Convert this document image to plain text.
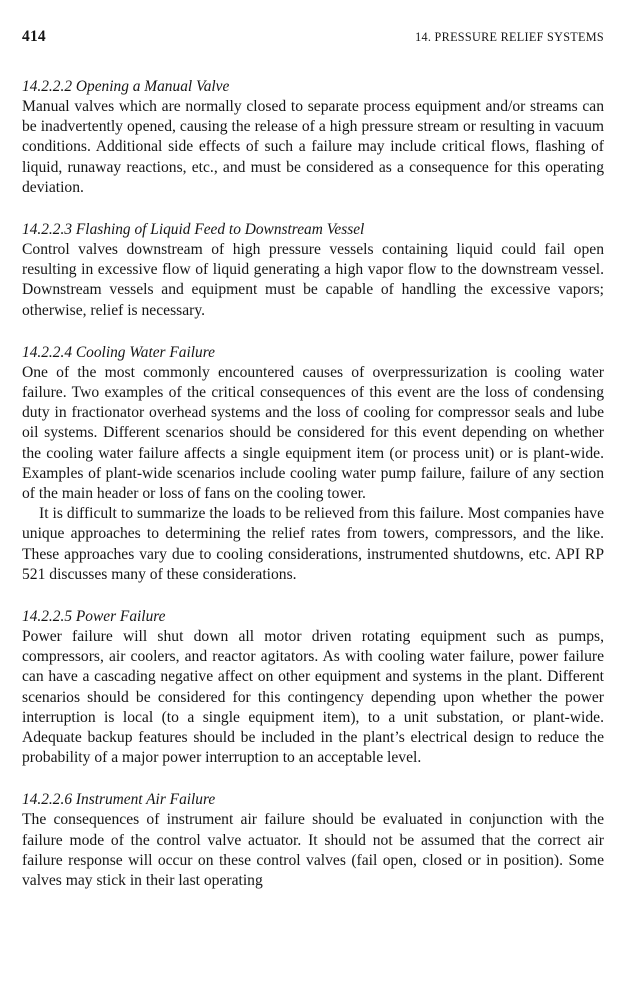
414	14. PRESSURE RELIEF SYSTEMS
14.2.2.2 Opening a Manual Valve

Manual valves which are normally closed to separate process equipment and/or streams can be inadvertently opened, causing the release of a high pressure stream or resulting in vacuum conditions. Additional side effects of such a failure may include critical flows, flashing of liquid, runaway reactions, etc., and must be considered as a consequence for this operating deviation.

14.2.2.3 Flashing of Liquid Feed to Downstream Vessel

Control valves downstream of high pressure vessels containing liquid could fail open resulting in excessive flow of liquid generating a high vapor flow to the downstream vessel. Downstream vessels and equipment must be capable of handling the excessive vapors; otherwise, relief is necessary.

14.2.2.4 Cooling Water Failure

One of the most commonly encountered causes of overpressurization is cooling water failure. Two examples of the critical consequences of this event are the loss of condensing duty in fractionator overhead systems and the loss of cooling for compressor seals and lube oil systems. Different scenarios should be considered for this event depending on whether the cooling water failure affects a single equipment item (or process unit) or is plant-wide. Examples of plant-wide scenarios include cooling water pump failure, failure of any section of the main header or loss of fans on the cooling tower.

It is difficult to summarize the loads to be relieved from this failure. Most companies have unique approaches to determining the relief rates from towers, compressors, and the like. These approaches vary due to cooling considerations, instrumented shutdowns, etc. API RP 521 discusses many of these considerations.

14.2.2.5 Power Failure

Power failure will shut down all motor driven rotating equipment such as pumps, compressors, air coolers, and reactor agitators. As with cooling water failure, power failure can have a cascading negative affect on other equipment and systems in the plant. Different scenarios should be considered for this contingency depending upon whether the power interruption is local (to a single equipment item), to a unit substation, or plant-wide. Adequate backup features should be included in the plant’s electrical design to reduce the probability of a major power interruption to an acceptable level.

14.2.2.6 Instrument Air Failure

The consequences of instrument air failure should be evaluated in conjunction with the failure mode of the control valve actuator. It should not be assumed that the correct air failure response will occur on these control valves (fail open, closed or in position). Some valves may stick in their last operating
